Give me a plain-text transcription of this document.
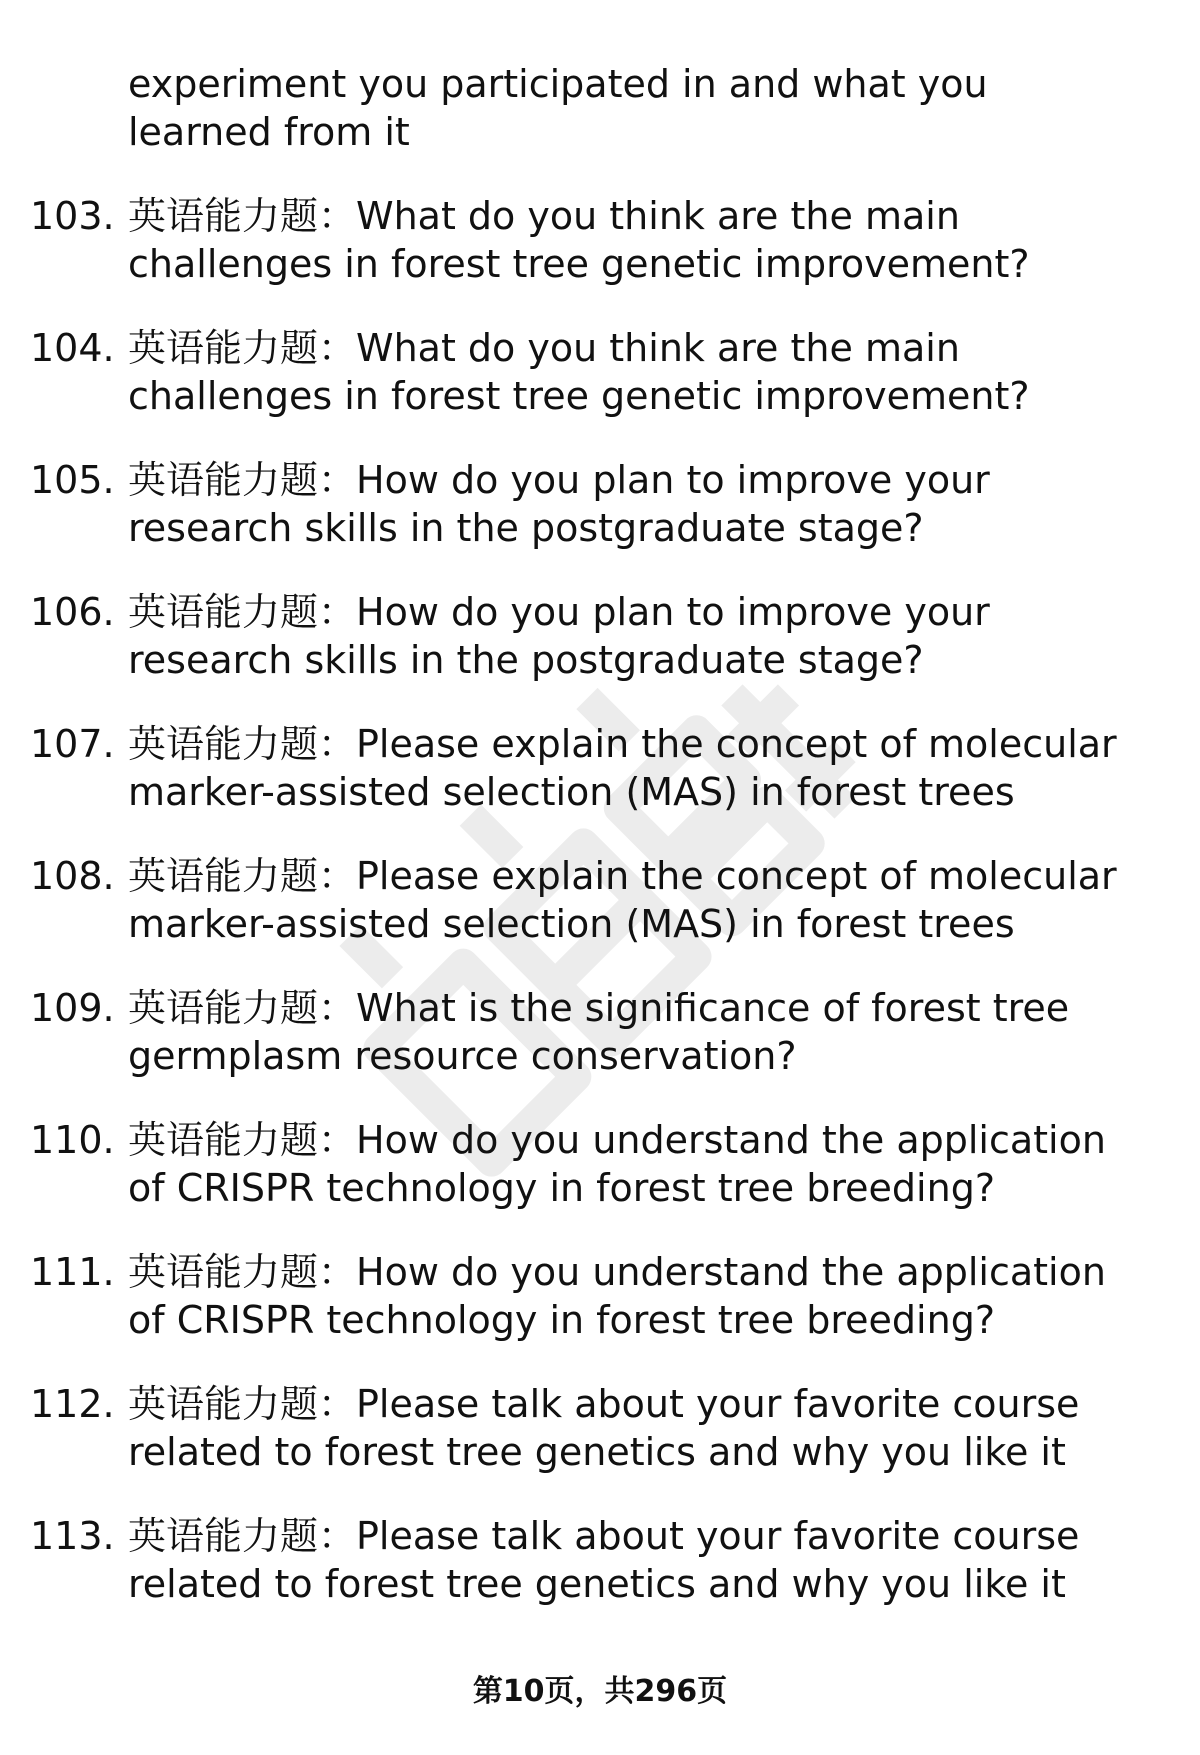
experiment you participated in and what you learned from it
103. 英语能力题：What do you think are the main challenges in forest tree genetic improvement?
104. 英语能力题：What do you think are the main challenges in forest tree genetic improvement?
105. 英语能力题：How do you plan to improve your research skills in the postgraduate stage?
106. 英语能力题：How do you plan to improve your research skills in the postgraduate stage?
107. 英语能力题：Please explain the concept of molecular marker-assisted selection (MAS) in forest trees
108. 英语能力题：Please explain the concept of molecular marker-assisted selection (MAS) in forest trees
109. 英语能力题：What is the significance of forest tree germplasm resource conservation?
110. 英语能力题：How do you understand the application of CRISPR technology in forest tree breeding?
111. 英语能力题：How do you understand the application of CRISPR technology in forest tree breeding?
112. 英语能力题：Please talk about your favorite course related to forest tree genetics and why you like it
113. 英语能力题：Please talk about your favorite course related to forest tree genetics and why you like it
第10页，共296页
